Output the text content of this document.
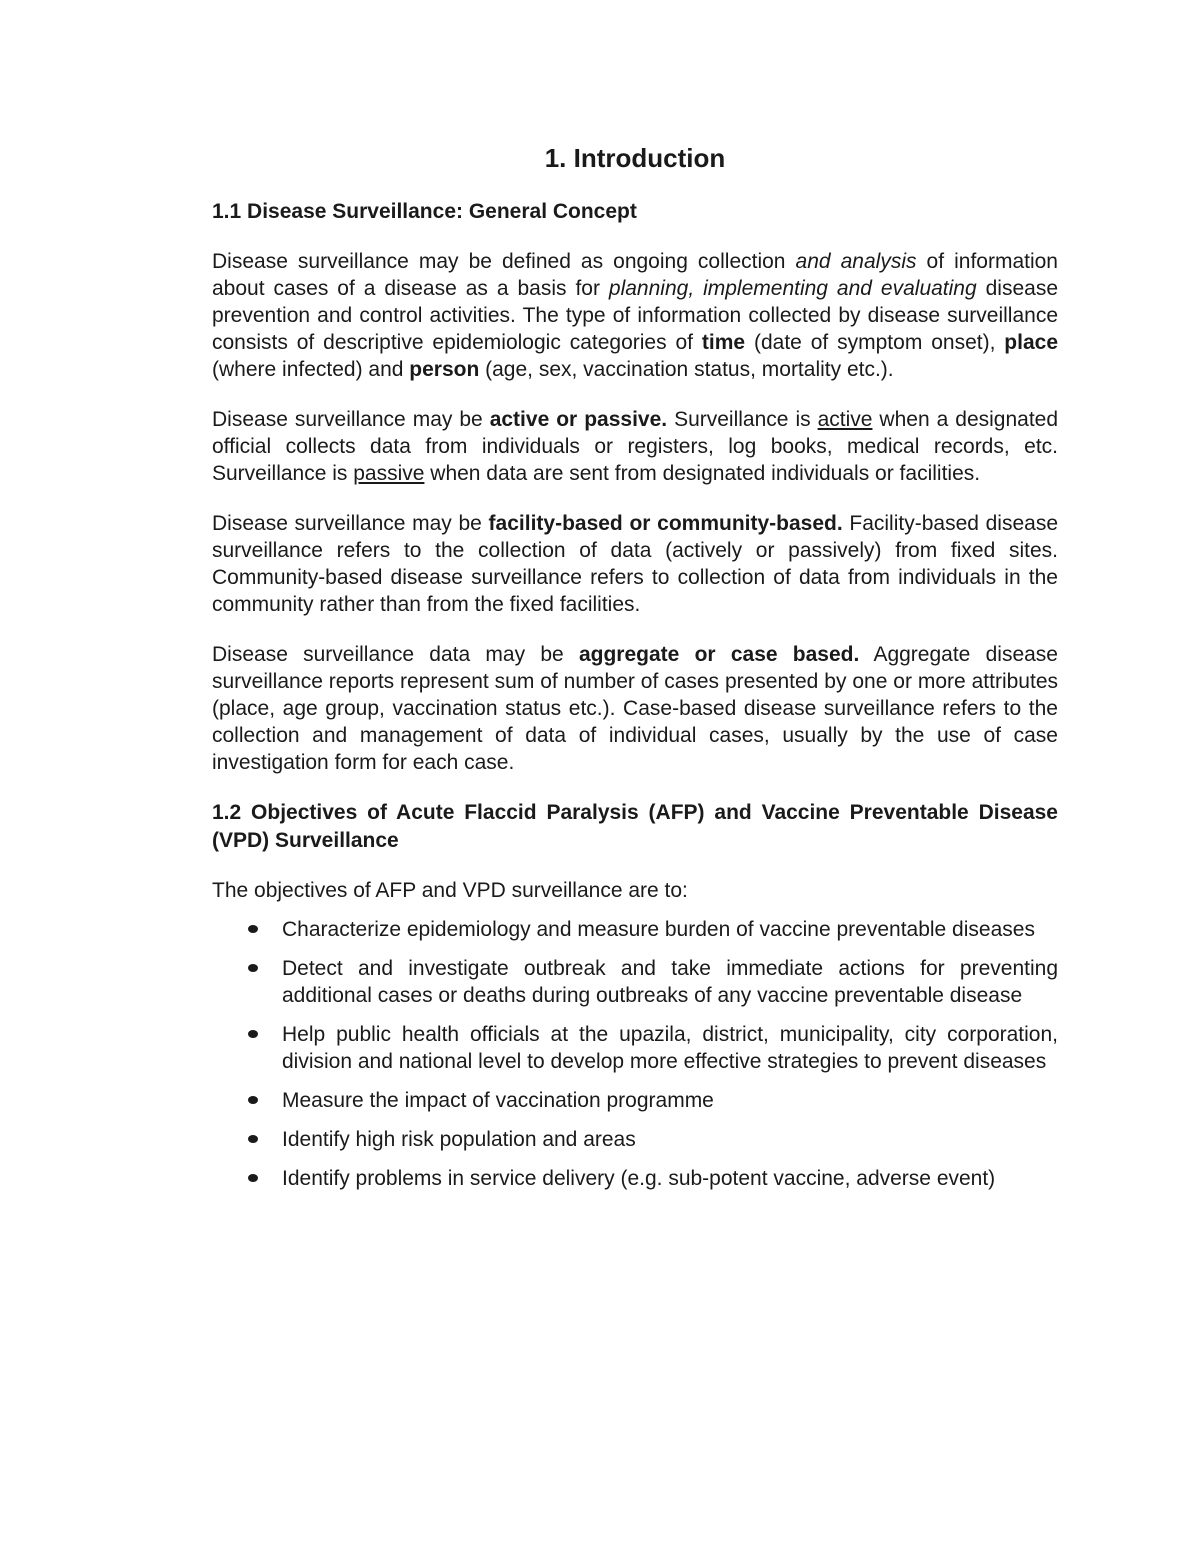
1. Introduction
1.1 Disease Surveillance: General Concept

Disease surveillance may be defined as ongoing collection and analysis of information about cases of a disease as a basis for planning, implementing and evaluating disease prevention and control activities. The type of information collected by disease surveillance consists of descriptive epidemiologic categories of time (date of symptom onset), place (where infected) and person (age, sex, vaccination status, mortality etc.).

Disease surveillance may be active or passive. Surveillance is active when a designated official collects data from individuals or registers, log books, medical records, etc. Surveillance is passive when data are sent from designated individuals or facilities.

Disease surveillance may be facility-based or community-based. Facility-based disease surveillance refers to the collection of data (actively or passively) from fixed sites. Community-based disease surveillance refers to collection of data from individuals in the community rather than from the fixed facilities.

Disease surveillance data may be aggregate or case based. Aggregate disease surveillance reports represent sum of number of cases presented by one or more attributes (place, age group, vaccination status etc.). Case-based disease surveillance refers to the collection and management of data of individual cases, usually by the use of case investigation form for each case.

1.2 Objectives of Acute Flaccid Paralysis (AFP) and Vaccine Preventable Disease (VPD) Surveillance

The objectives of AFP and VPD surveillance are to:

Characterize epidemiology and measure burden of vaccine preventable diseases
Detect and investigate outbreak and take immediate actions for preventing additional cases or deaths during outbreaks of any vaccine preventable disease
Help public health officials at the upazila, district, municipality, city corporation, division and national level to develop more effective strategies to prevent diseases
Measure the impact of vaccination programme
Identify high risk population and areas
Identify problems in service delivery (e.g. sub-potent vaccine, adverse event)
